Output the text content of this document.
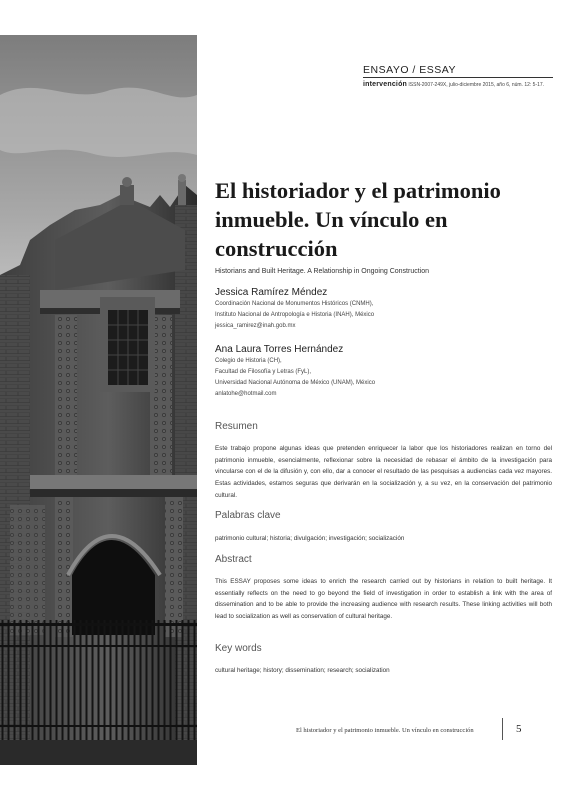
ENSAYO / ESSAY
intervención ISSN-2007-249X, julio-diciembre 2015, año 6, núm. 12: 5-17.
El historiador y el patrimonio
inmueble. Un vínculo en
construcción
Historians and Built Heritage. A Relationship in Ongoing Construction
Jessica Ramírez Méndez
Coordinación Nacional de Monumentos Históricos (CNMH),
Instituto Nacional de Antropología e Historia (INAH), México
jessica_ramirez@inah.gob.mx
Ana Laura Torres Hernández
Colegio de Historia (CH),
Facultad de Filosofía y Letras (FyL),
Universidad Nacional Autónoma de México (UNAM), México
anlatohe@hotmail.com
Resumen

Este trabajo propone algunas ideas que pretenden enriquecer la labor que los historiadores realizan en torno del patrimonio inmueble, esencialmente, reflexionar sobre la necesidad de rebasar el ámbito de la investigación para vincularse con el de la difusión y, con ello, dar a conocer el resultado de las pesquisas a audiencias cada vez mayores. Estas actividades, estamos seguras que derivarán en la socialización y, a su vez, en la conservación del patrimonio cultural.

Palabras clave
patrimonio cultural; historia; divulgación; investigación; socialización
Abstract

This ESSAY proposes some ideas to enrich the research carried out by historians in relation to built heritage. It essentially reflects on the need to go beyond the field of investigation in order to establish a link with the area of dissemination and to be able to provide the increasing audience with research results. These linking activities will both lead to socialization as well as conservation of cultural heritage.

Key words
cultural heritage; history; dissemination; research; socialization
El historiador y el patrimonio inmueble. Un vínculo en construcción	5
